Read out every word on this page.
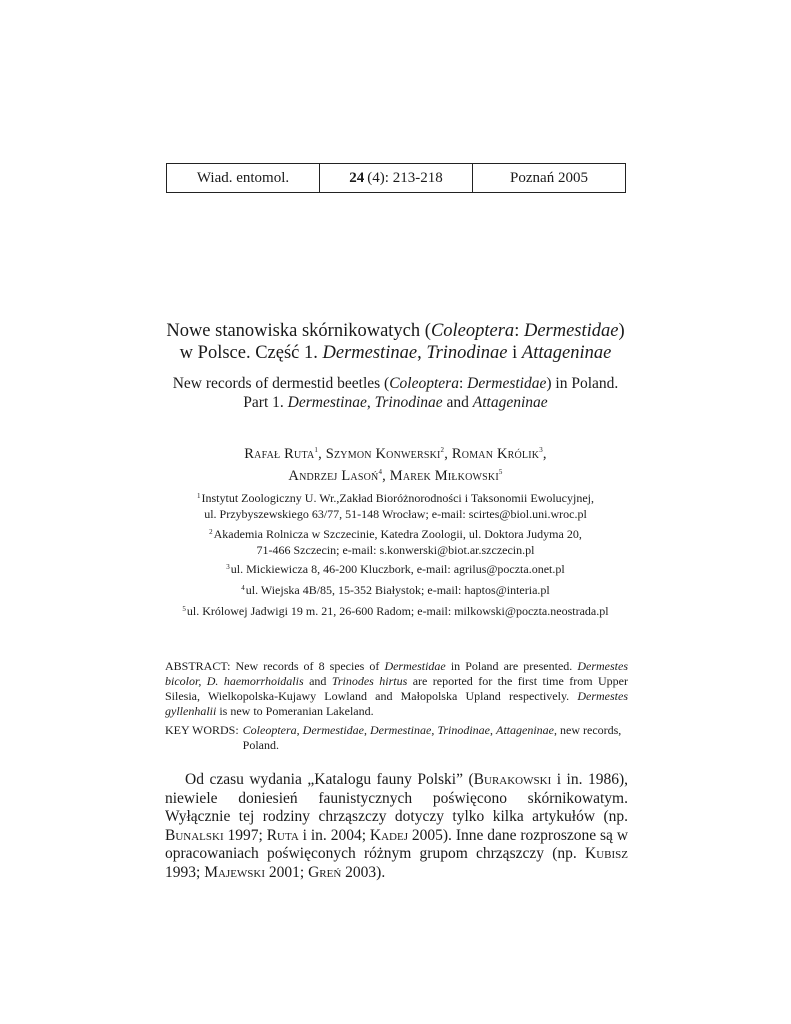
Wiad. entomol.	24 (4): 213-218	Poznań 2005
Nowe stanowiska skórnikowatych (Coleoptera: Dermestidae)
w Polsce. Część 1. Dermestinae, Trinodinae i Attageninae
New records of dermestid beetles (Coleoptera: Dermestidae) in Poland.
Part 1. Dermestinae, Trinodinae and Attageninae
Rafał Ruta$^1$, Szymon Konwerski$^2$, Roman Królik$^3$,
Andrzej Lasoń$^4$, Marek Miłkowski$^5$
$^1$Instytut Zoologiczny U. Wr.,Zakład Bioróżnorodności i Taksonomii Ewolucyjnej,
ul. Przybyszewskiego 63/77, 51-148 Wrocław; e-mail: scirtes@biol.uni.wroc.pl
$^2$Akademia Rolnicza w Szczecinie, Katedra Zoologii, ul. Doktora Judyma 20,
71-466 Szczecin; e-mail: s.konwerski@biot.ar.szczecin.pl
$^3$ul. Mickiewicza 8, 46-200 Kluczbork, e-mail: agrilus@poczta.onet.pl
$^4$ul. Wiejska 4B/85, 15-352 Białystok; e-mail: haptos@interia.pl
$^5$ul. Królowej Jadwigi 19 m. 21, 26-600 Radom; e-mail: milkowski@poczta.neostrada.pl
ABSTRACT: New records of 8 species of Dermestidae in Poland are presented. Dermestes bicolor, D. haemorrhoidalis and Trinodes hirtus are reported for the first time from Upper Silesia, Wielkopolska-Kujawy Lowland and Małopolska Upland respectively. Dermestes gyllenhalii is new to Pomeranian Lakeland.
KEY WORDS: Coleoptera, Dermestidae, Dermestinae, Trinodinae, Attageninae, new records, Poland.
Od czasu wydania „Katalogu fauny Polski” (Burakowski i in. 1986), niewiele doniesień faunistycznych poświęcono skórnikowatym. Wyłącznie tej rodziny chrząszczy dotyczy tylko kilka artykułów (np. Bunalski 1997; Ruta i in. 2004; Kadej 2005). Inne dane rozproszone są w opracowaniach poświęconych różnym grupom chrząszczy (np. Kubisz 1993; Majewski 2001; Greń 2003).
